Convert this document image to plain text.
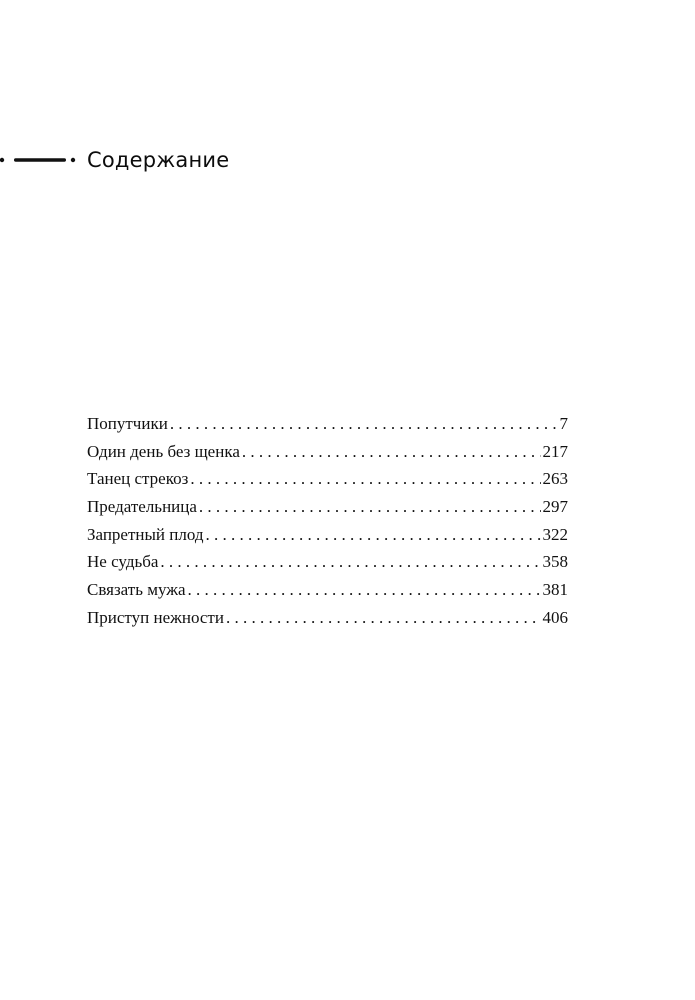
Содержание
Попутчики . . .	7
Один день без щенка . . .	217
Танец стрекоз . . .	263
Предательница . . .	297
Запретный плод . . .	322
Не судьба . . .	358
Связать мужа . . .	381
Приступ нежности . . .	406
